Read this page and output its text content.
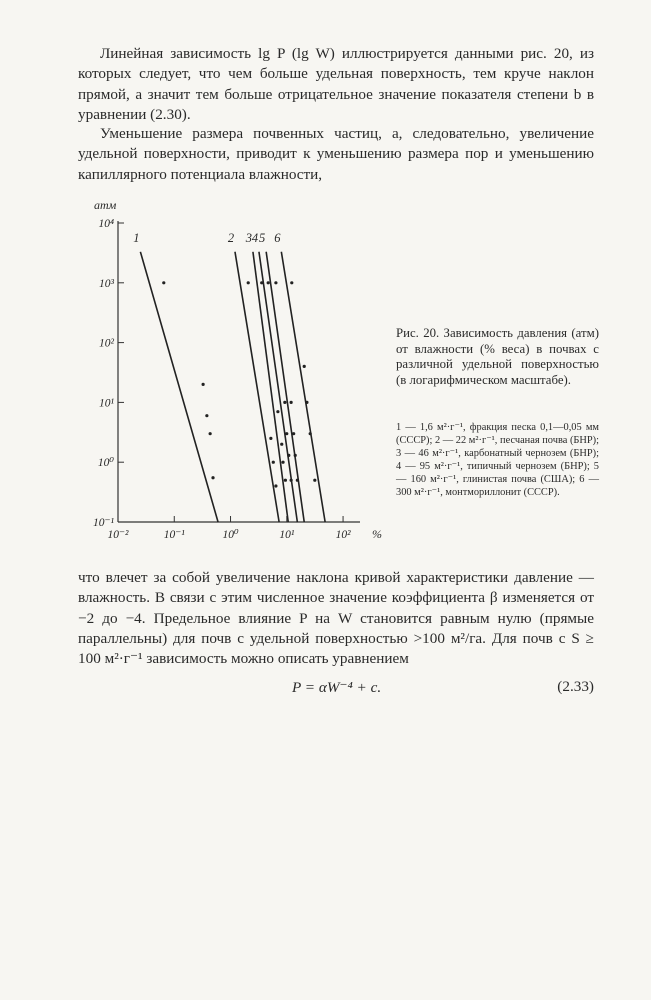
Линейная зависимость lg P (lg W) иллюстрируется данными рис. 20, из которых следует, что чем больше удельная поверхность, тем круче наклон прямой, а значит тем больше отрицательное значение показателя степени b в уравнении (2.30).

Уменьшение размера почвенных частиц, а, следовательно, увеличение удельной поверхности, приводит к уменьшению размера пор и уменьшению капиллярного потенциала влажности,

10⁻¹
10⁰
10¹
10²
10³
10⁴
10⁻²	10⁻¹	10⁰	10¹	10²
атм
%
1	2 3 4 5 6

Рис. 20. Зависимость давления (атм) от влажности (% веса) в почвах с различной удельной поверхностью (в логарифмическом масштабе).

1 — 1,6 м²·г⁻¹, фракция песка 0,1—0,05 мм (СССР); 2 — 22 м²·г⁻¹, песчаная почва (БНР); 3 — 46 м²·г⁻¹, карбонатный чернозем (БНР); 4 — 95 м²·г⁻¹, типичный чернозем (БНР); 5 — 160 м²·г⁻¹, глинистая почва (США); 6 — 300 м²·г⁻¹, монтмориллонит (СССР).

что влечет за собой увеличение наклона кривой характеристики давление — влажность. В связи с этим численное значение коэффициента β изменяется от −2 до −4. Предельное влияние P на W становится равным нулю (прямые параллельны) для почв с удельной поверхностью >100 м²/га. Для почв с S ≥ 100 м²·г⁻¹ зависимость можно описать уравнением

P = αW⁻⁴ + c.	(2.33)
